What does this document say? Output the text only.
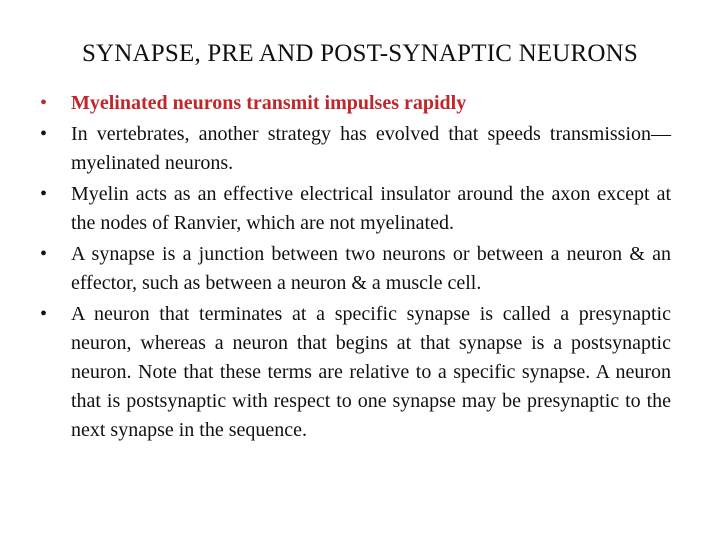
SYNAPSE, PRE AND POST-SYNAPTIC NEURONS
•	Myelinated neurons transmit impulses rapidly
•	In vertebrates, another strategy has evolved that speeds transmission—myelinated neurons.
•	Myelin acts as an effective electrical insulator around the axon except at the nodes of Ranvier, which are not myelinated.
•	A synapse is a junction between two neurons or between a neuron & an effector, such as between a neuron & a muscle cell.
•	A neuron that terminates at a specific synapse is called a presynaptic neuron, whereas a neuron that begins at that synapse is a postsynaptic neuron. Note that these terms are relative to a specific synapse. A neuron that is postsynaptic with respect to one synapse may be presynaptic to the next synapse in the sequence.
